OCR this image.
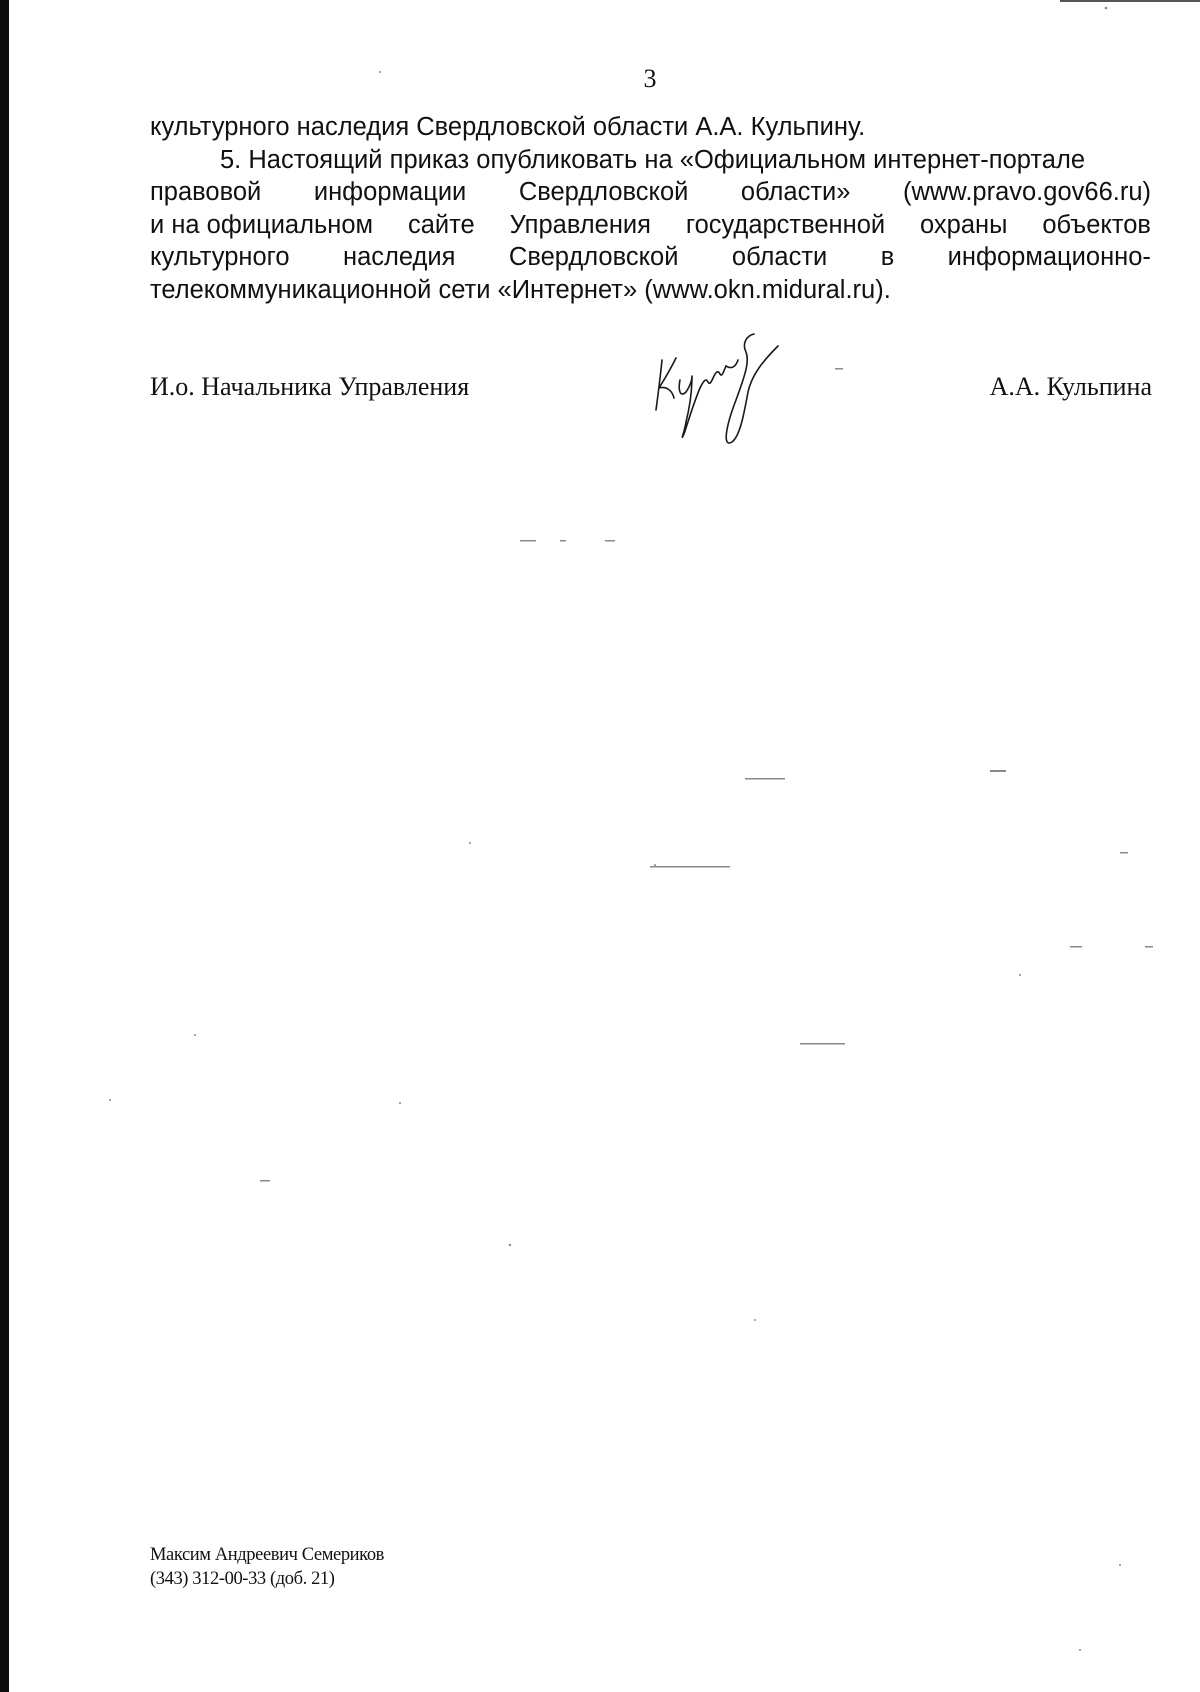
3

культурного наследия Свердловской области А.А. Кульпину.

5. Настоящий приказ опубликовать на «Официальном интернет-портале

правовой информации Свердловской области» (www.pravo.gov66.ru)

и на официальном сайте Управления государственной охраны объектов

культурного наследия Свердловской области в информационно-

телекоммуникационной сети «Интернет» (www.okn.midural.ru).

И.о. Начальника Управления	А.А. Кульпина
Максим Андреевич Семериков
(343) 312-00-33 (доб. 21)
